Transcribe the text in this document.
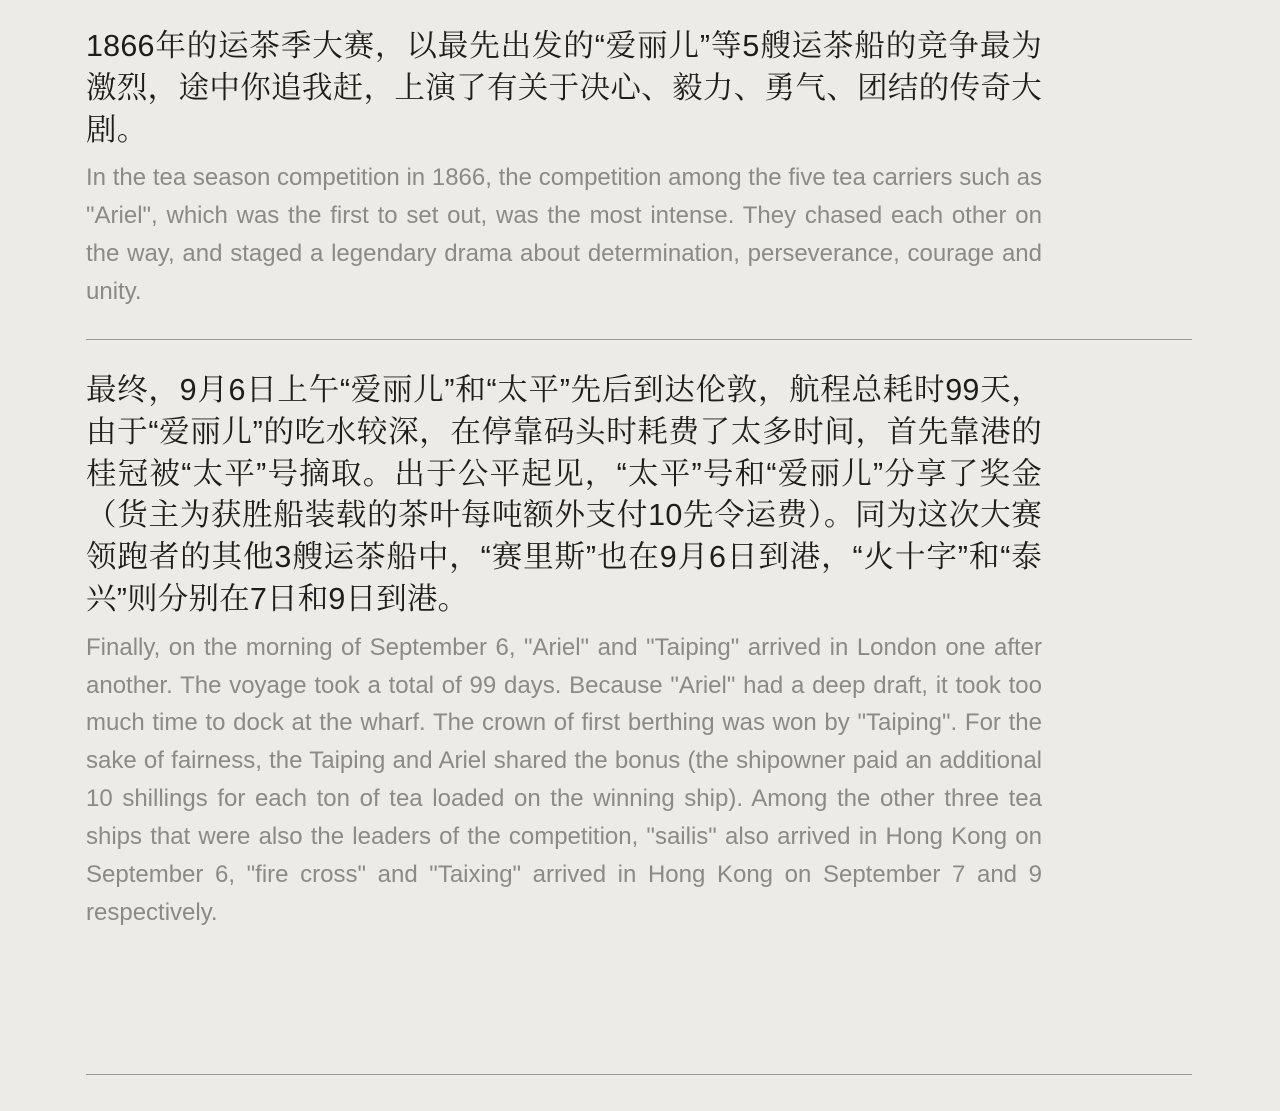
1866年的运茶季大赛，以最先出发的“爱丽儿”等5艘运茶船的竞争最为激烈，途中你追我赶，上演了有关于决心、毅力、勇气、团结的传奇大剧。

In the tea season competition in 1866, the competition among the five tea carriers such as "Ariel", which was the first to set out, was the most intense. They chased each other on the way, and staged a legendary drama about determination, perseverance, courage and unity.

最终，9月6日上午“爱丽儿”和“太平”先后到达伦敦，航程总耗时99天，由于“爱丽儿”的吃水较深，在停靠码头时耗费了太多时间，首先靠港的桂冠被“太平”号摘取。出于公平起见，“太平”号和“爱丽儿”分享了奖金（货主为获胜船装载的茶叶每吨额外支付10先令运费）。同为这次大赛领跑者的其他3艘运茶船中，“赛里斯”也在9月6日到港，“火十字”和“泰兴”则分别在7日和9日到港。

Finally, on the morning of September 6, "Ariel" and "Taiping" arrived in London one after another. The voyage took a total of 99 days. Because "Ariel" had a deep draft, it took too much time to dock at the wharf. The crown of first berthing was won by "Taiping". For the sake of fairness, the Taiping and Ariel shared the bonus (the shipowner paid an additional 10 shillings for each ton of tea loaded on the winning ship). Among the other three tea ships that were also the leaders of the competition, "sailis" also arrived in Hong Kong on September 6, "fire cross" and "Taixing" arrived in Hong Kong on September 7 and 9 respectively.
